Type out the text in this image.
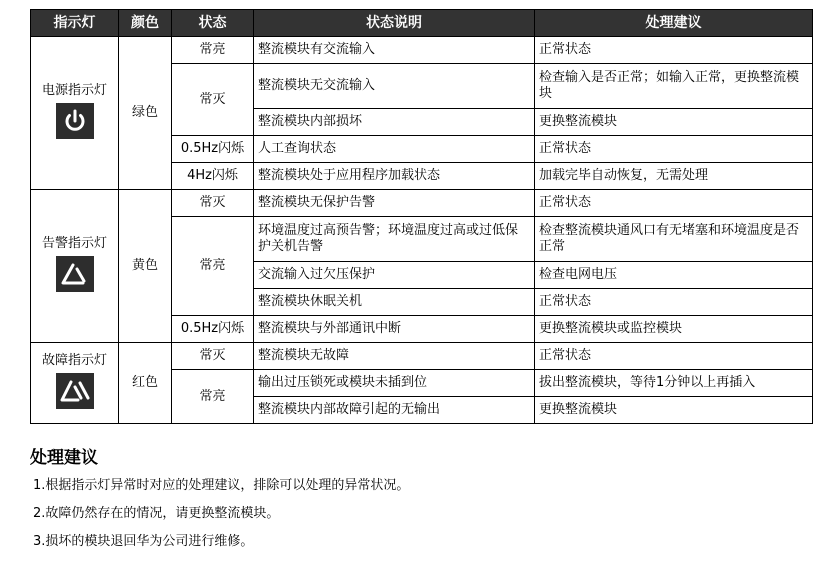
指示灯	颜色	状态	状态说明	处理建议

电源指示灯	绿色	常亮	整流模块有交流输入	正常状态
		常灭	整流模块无交流输入	检查输入是否正常；如输入正常，更换整流模块
			整流模块内部损坏	更换整流模块
		0.5Hz闪烁	人工查询状态	正常状态
		4Hz闪烁	整流模块处于应用程序加载状态	加载完毕自动恢复，无需处理

告警指示灯	黄色	常灭	整流模块无保护告警	正常状态
		常亮	环境温度过高预告警；环境温度过高或过低保护关机告警	检查整流模块通风口有无堵塞和环境温度是否正常
			交流输入过欠压保护	检查电网电压
			整流模块休眠关机	正常状态
		0.5Hz闪烁	整流模块与外部通讯中断	更换整流模块或监控模块

故障指示灯	红色	常灭	整流模块无故障	正常状态
		常亮	输出过压锁死或模块未插到位	拔出整流模块，等待1分钟以上再插入
			整流模块内部故障引起的无输出	更换整流模块
处理建议

1.根据指示灯异常时对应的处理建议，排除可以处理的异常状况。

2.故障仍然存在的情况，请更换整流模块。

3.损坏的模块退回华为公司进行维修。
